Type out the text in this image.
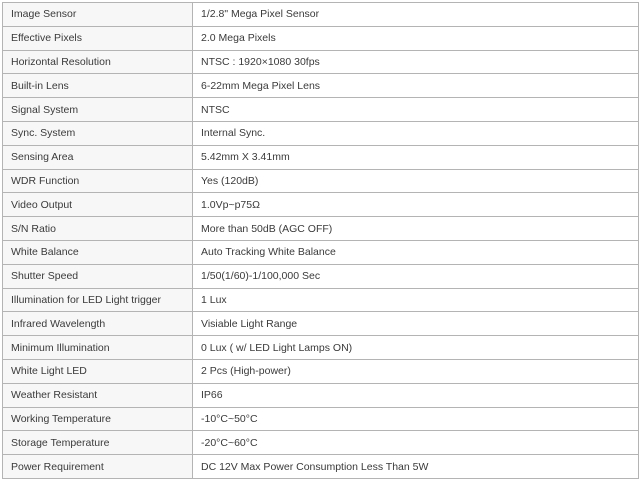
Image Sensor	1/2.8" Mega Pixel Sensor
Effective Pixels	2.0 Mega Pixels
Horizontal Resolution	NTSC : 1920×1080 30fps
Built-in Lens	6-22mm Mega Pixel Lens
Signal System	NTSC
Sync. System	Internal Sync.
Sensing Area	5.42mm X 3.41mm
WDR Function	Yes (120dB)
Video Output	1.0Vp~p75Ω
S/N Ratio	More than 50dB (AGC OFF)
White Balance	Auto Tracking White Balance
Shutter Speed	1/50(1/60)-1/100,000 Sec
Illumination for LED Light trigger	1 Lux
Infrared Wavelength	Visiable Light Range
Minimum Illumination	0 Lux ( w/ LED Light Lamps ON)
White Light LED	2 Pcs (High-power)
Weather Resistant	IP66
Working Temperature	-10°C~50°C
Storage Temperature	-20°C~60°C
Power Requirement	DC 12V Max Power Consumption Less Than 5W
